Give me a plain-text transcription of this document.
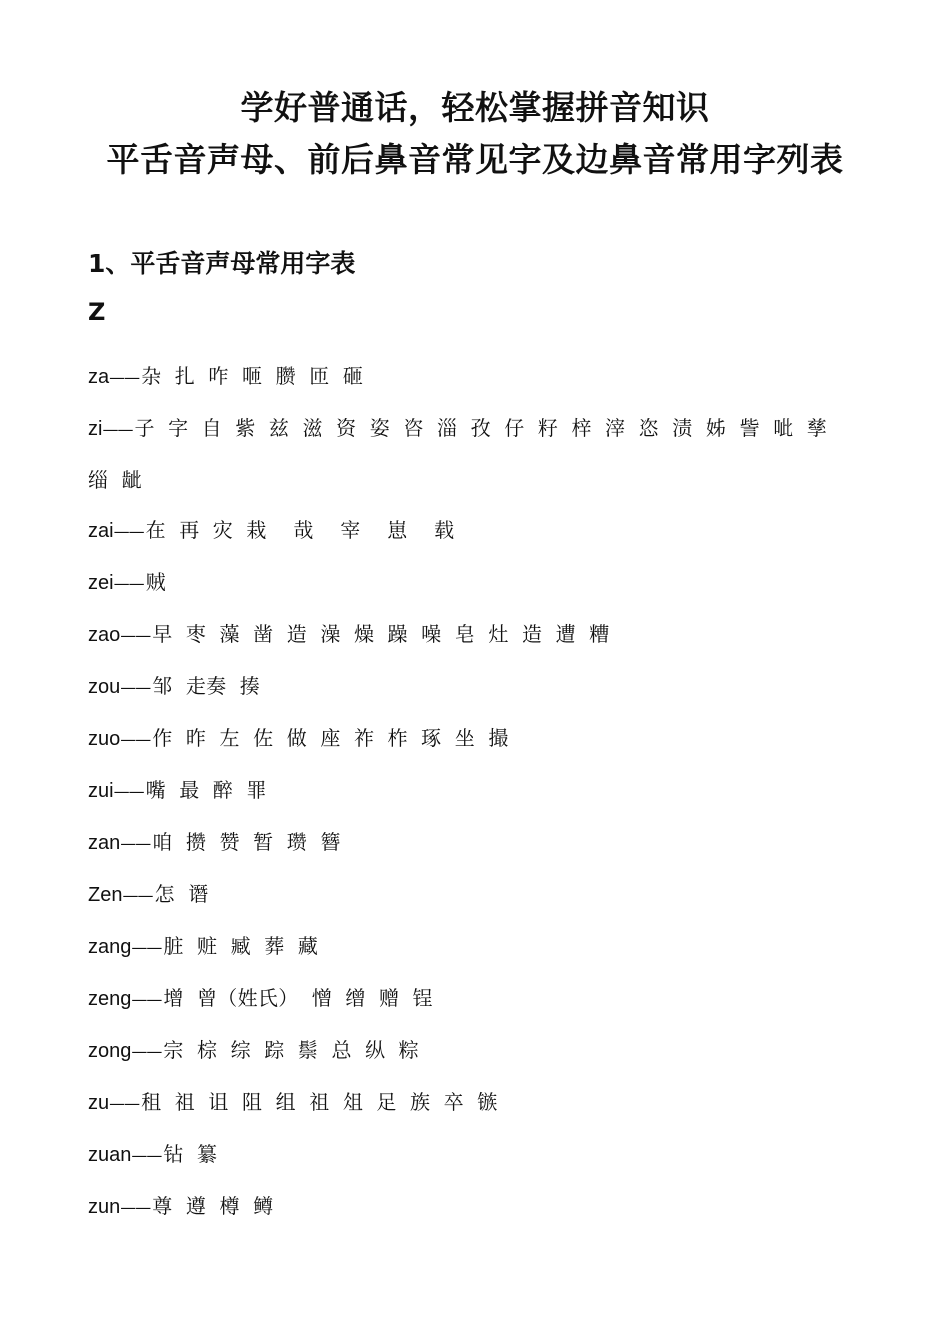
学好普通话，轻松掌握拼音知识
平舌音声母、前后鼻音常见字及边鼻音常用字列表
1、平舌音声母常用字表
Z
za—— 杂  扎  咋  咂  臜  匝  砸
zi—— 子  字  自  紫  兹  滋  资  姿  咨  淄  孜  仔  籽  梓  滓  恣  渍  姊  訾  呲  孳
缁  龇
zai—— 在  再  灾  栽    哉    宰    崽    载
zei—— 贼
zao—— 早  枣  藻  凿  造  澡  燥  躁  噪  皂  灶  造  遭  糟
zou—— 邹  走奏  揍
zuo—— 作  昨  左  佐  做  座  祚  柞  琢  坐  撮
zui—— 嘴  最  醉  罪
zan—— 咱  攒  赞  暂  瓒  簪
Zen—— 怎  谮
zang—— 脏  赃  臧  葬  藏
zeng—— 增  曾（姓氏）  憎  缯  赠  锃
zong—— 宗  棕  综  踪  鬃  总  纵  粽
zu—— 租  祖  诅  阻  组  祖  俎  足  族  卒  镞
zuan—— 钻  纂
zun—— 尊  遵  樽  鳟
